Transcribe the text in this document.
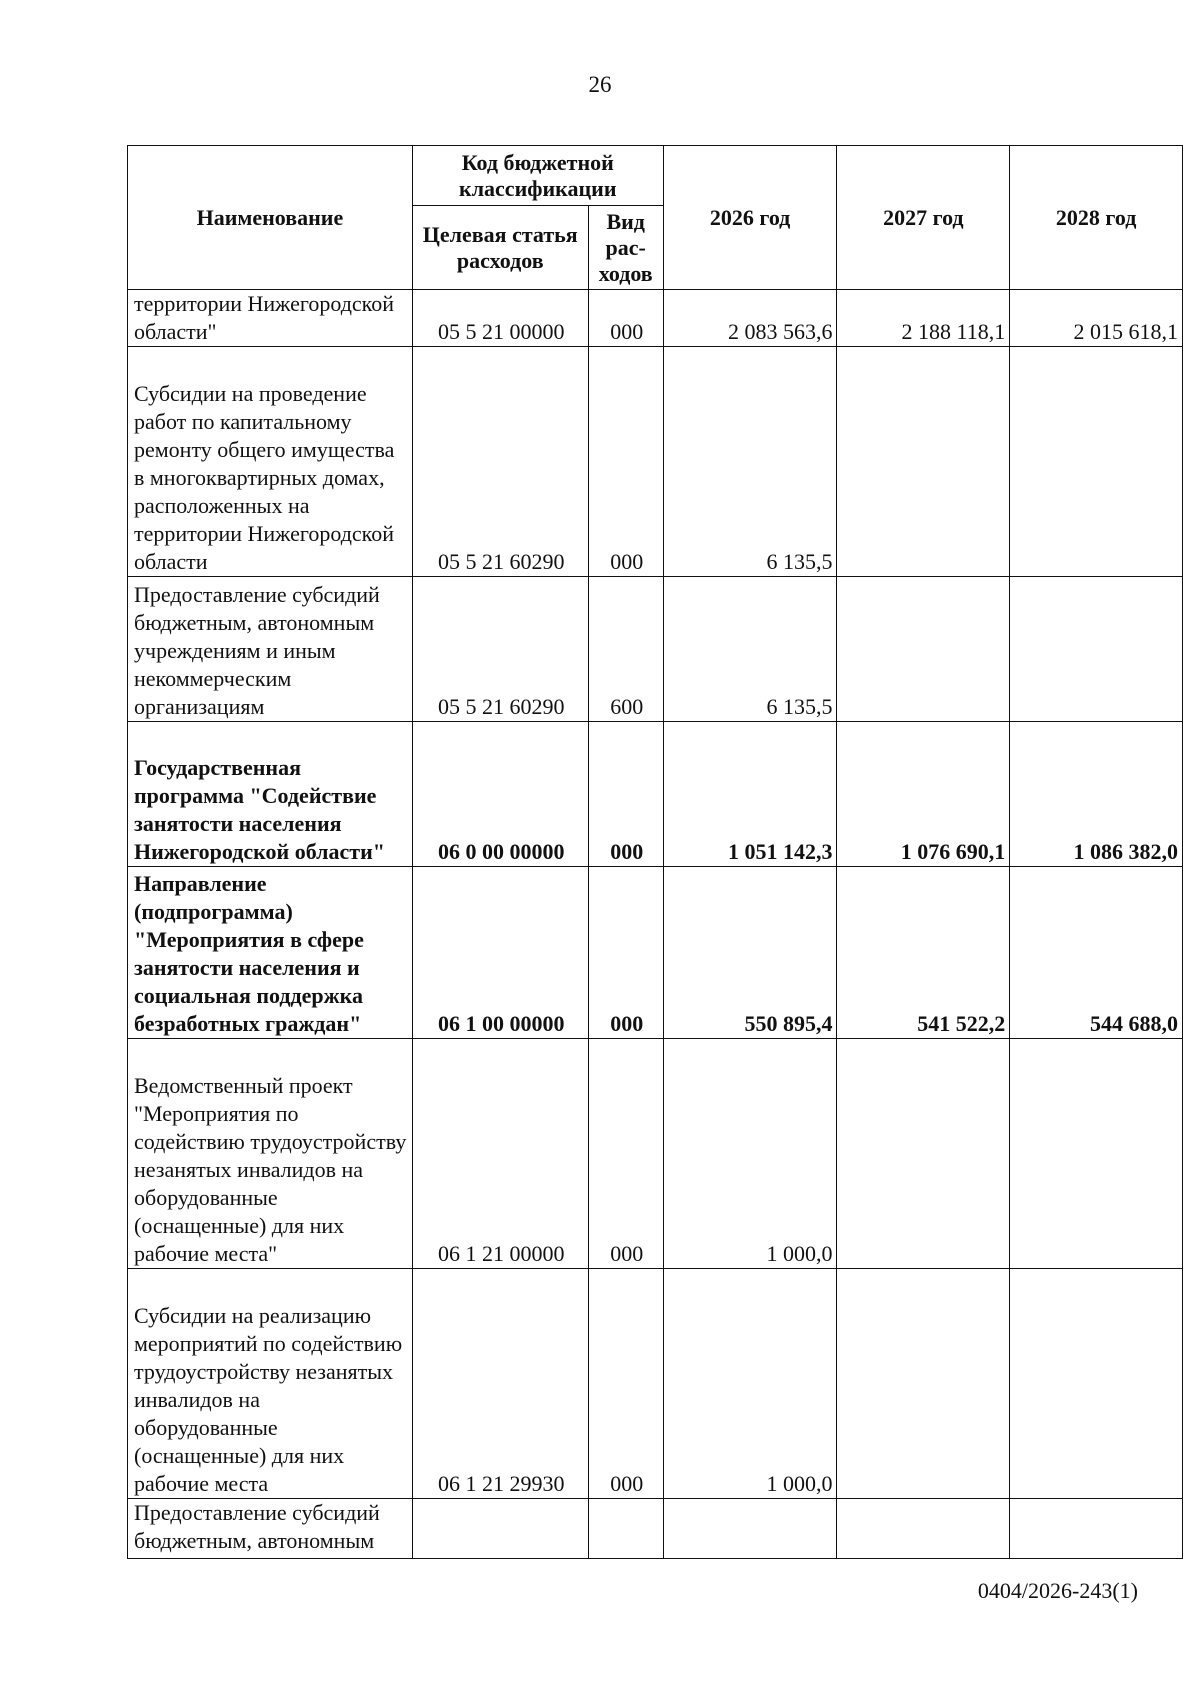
26
Наименование	Код бюджетной классификации		2026 год	2027 год	2028 год
	Целевая статья расходов	Вид рас- ходов			
территории Нижегородской области"	05 5 21 00000	000	2 083 563,6	2 188 118,1	2 015 618,1
Субсидии на проведение работ по капитальному ремонту общего имущества в многоквартирных домах, расположенных на территории Нижегородской области	05 5 21 60290	000	6 135,5		
Предоставление субсидий бюджетным, автономным учреждениям и иным некоммерческим организациям	05 5 21 60290	600	6 135,5		
Государственная программа "Содействие занятости населения Нижегородской области"	06 0 00 00000	000	1 051 142,3	1 076 690,1	1 086 382,0
Направление (подпрограмма) "Мероприятия в сфере занятости населения и социальная поддержка безработных граждан"	06 1 00 00000	000	550 895,4	541 522,2	544 688,0
Ведомственный проект "Мероприятия по содействию трудоустройству незанятых инвалидов на оборудованные (оснащенные) для них рабочие места"	06 1 21 00000	000	1 000,0		
Субсидии на реализацию мероприятий по содействию трудоустройству незанятых инвалидов на оборудованные (оснащенные) для них рабочие места	06 1 21 29930	000	1 000,0		
Предоставление субсидий бюджетным, автономным					
0404/2026-243(1)
